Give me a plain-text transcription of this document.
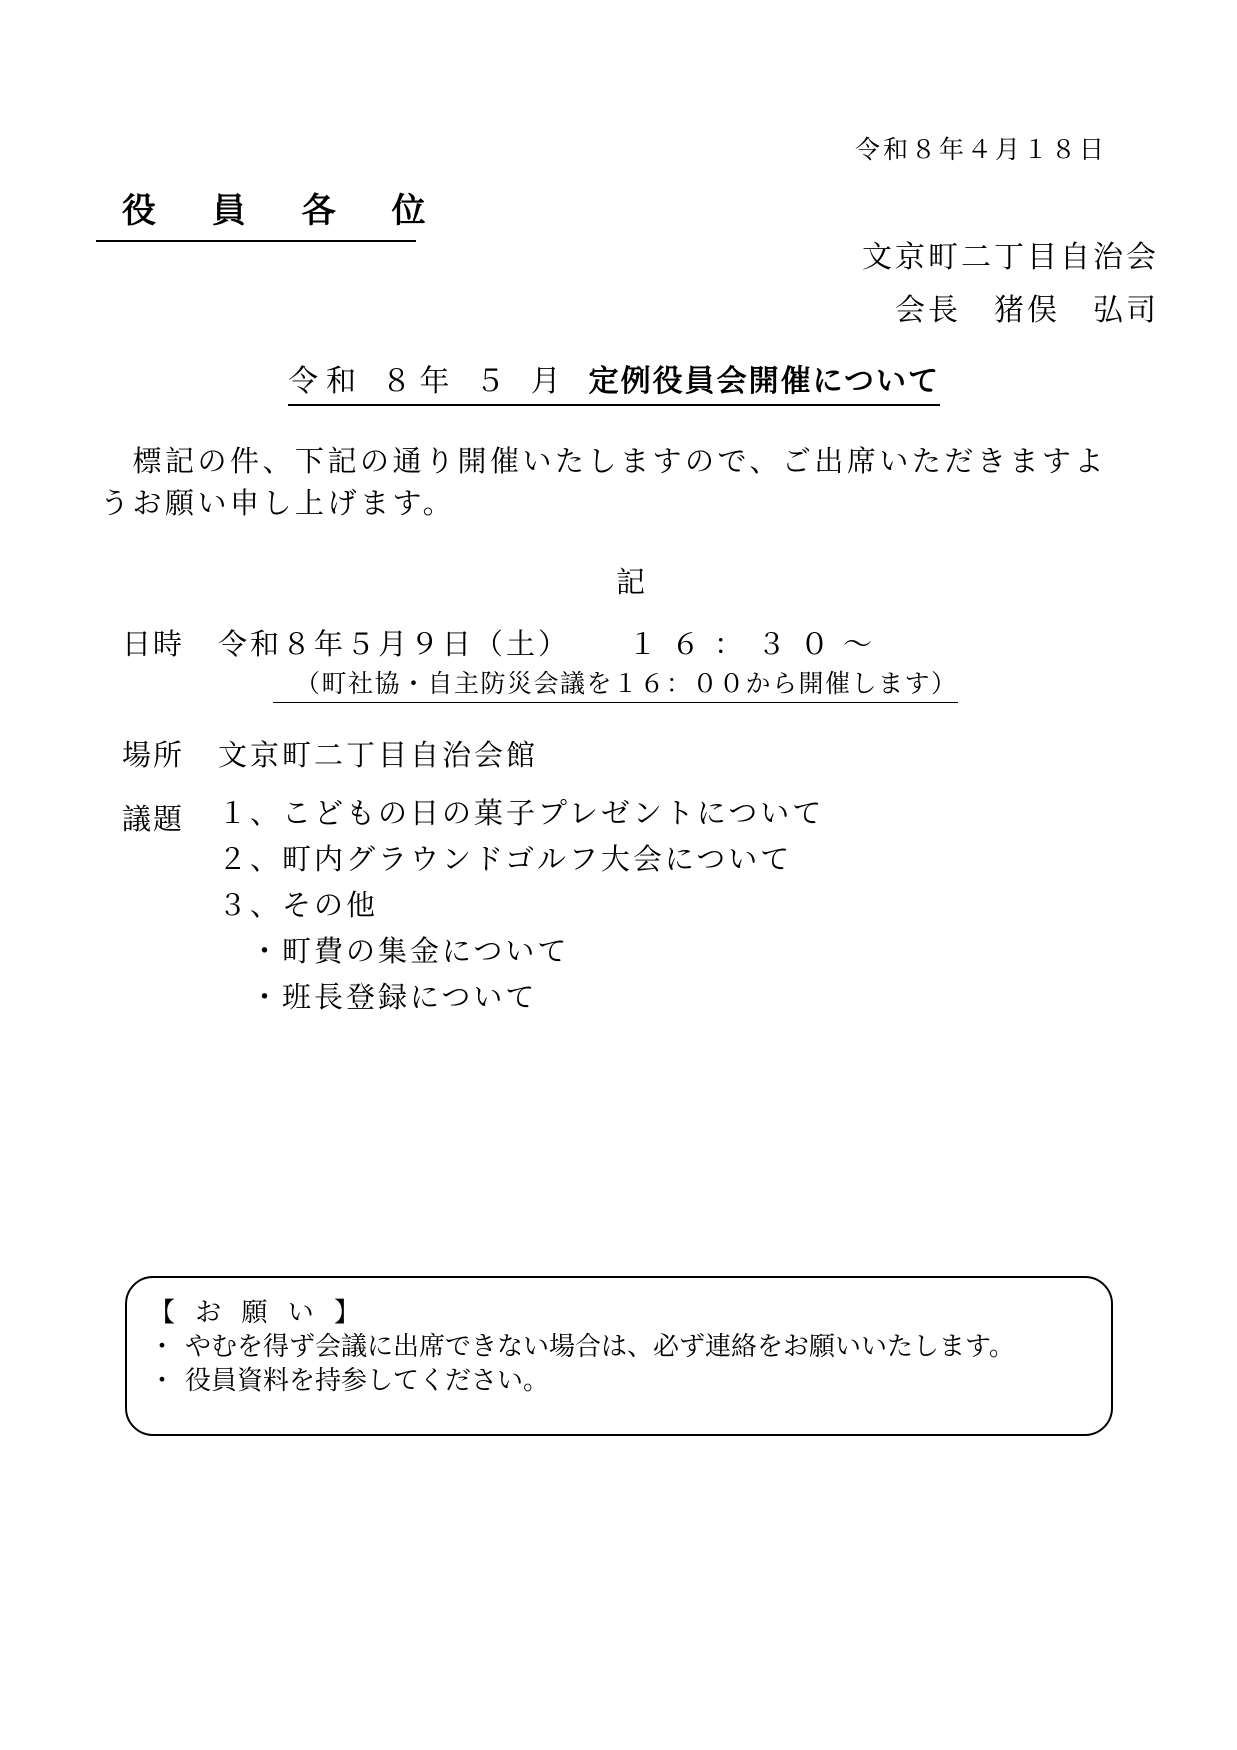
令和８年４月１８日
役 員 各 位
文京町二丁目自治会
会長　猪俣　弘司
令和 ８年 ５ 月 定例役員会開催について
　標記の件、下記の通り開催いたしますので、ご出席いただきますようお願い申し上げます。
記
日時 令和８年５月９日（土） １６：３０～
（町社協・自主防災会議を１６：００から開催します）
場所 文京町二丁目自治会館
議題 １、こどもの日の菓子プレゼントについて
２、町内グラウンドゴルフ大会について
３、その他
・町費の集金について
・班長登録について
【 お 願 い 】
・ やむを得ず会議に出席できない場合は、必ず連絡をお願いいたします。
・ 役員資料を持参してください。
